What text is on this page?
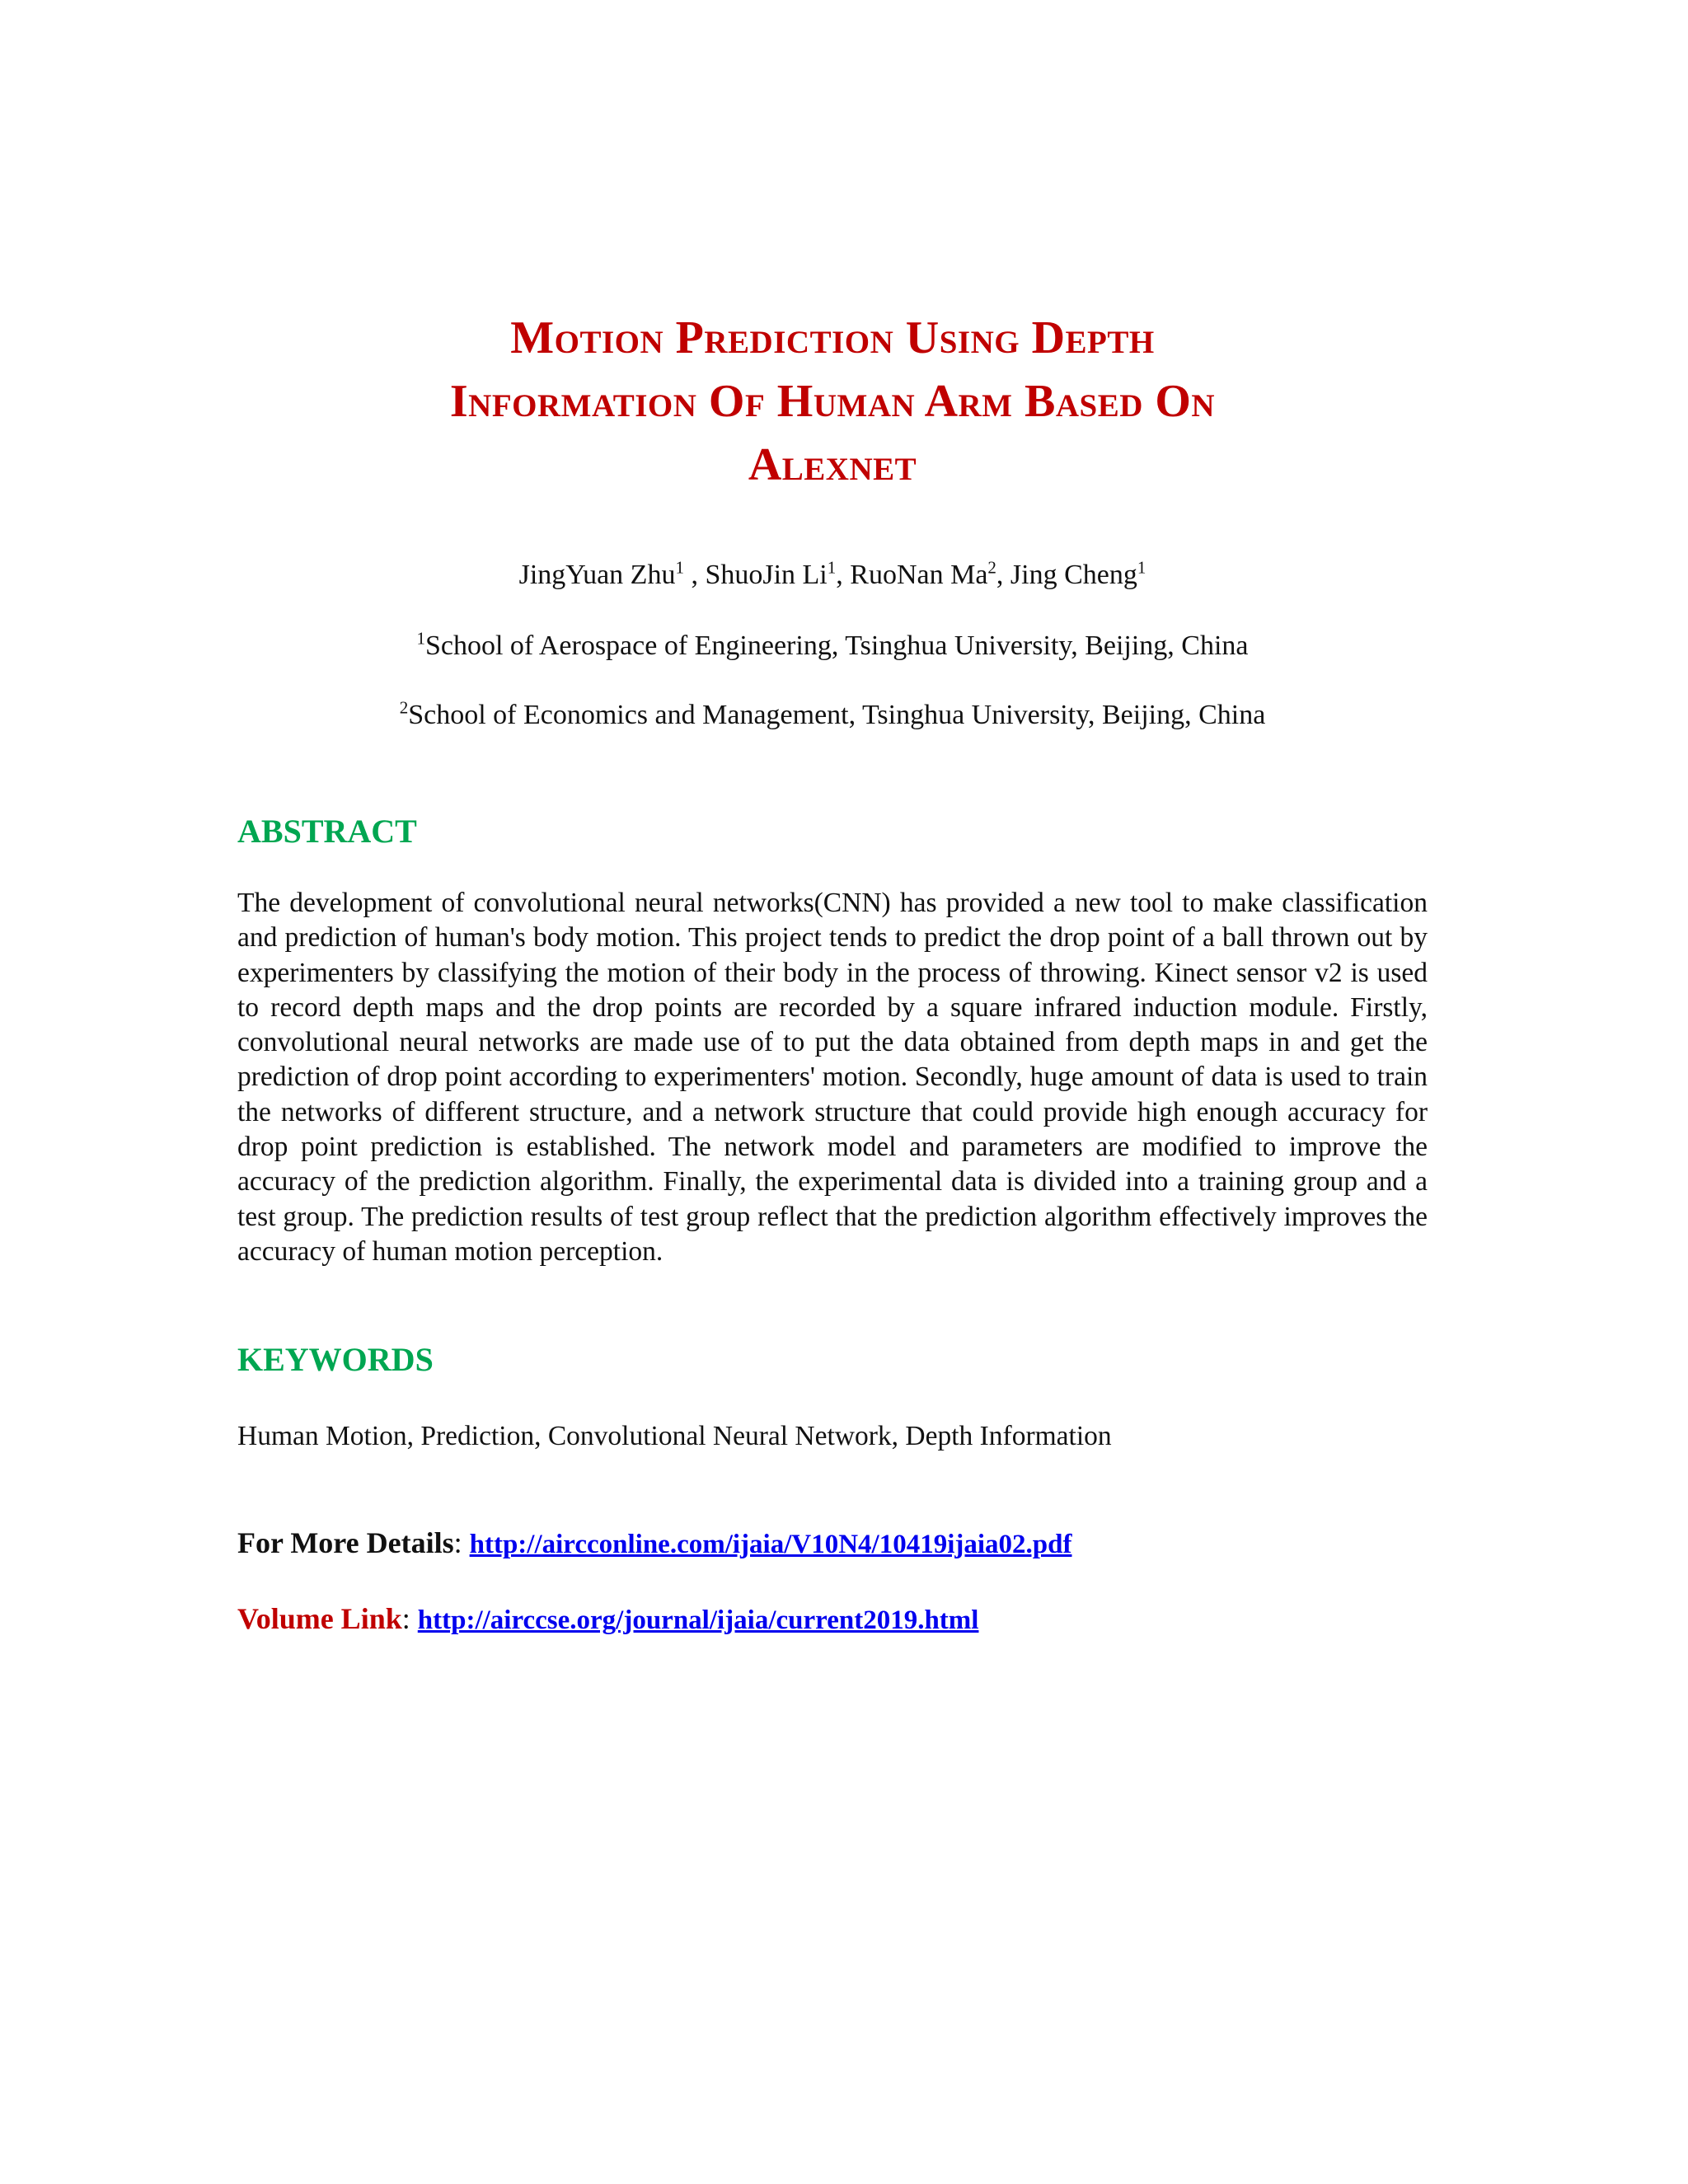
Motion Prediction Using Depth
Information Of Human Arm Based On
Alexnet
JingYuan Zhu$^1$ , ShuoJin Li$^1$, RuoNan Ma$^2$, Jing Cheng$^1$
$^1$School of Aerospace of Engineering, Tsinghua University, Beijing, China
$^2$School of Economics and Management, Tsinghua University, Beijing, China
ABSTRACT
The development of convolutional neural networks(CNN) has provided a new tool to make classification and prediction of human's body motion. This project tends to predict the drop point of a ball thrown out by experimenters by classifying the motion of their body in the process of throwing. Kinect sensor v2 is used to record depth maps and the drop points are recorded by a square infrared induction module. Firstly, convolutional neural networks are made use of to put the data obtained from depth maps in and get the prediction of drop point according to experimenters' motion. Secondly, huge amount of data is used to train the networks of different structure, and a network structure that could provide high enough accuracy for drop point prediction is established. The network model and parameters are modified to improve the accuracy of the prediction algorithm. Finally, the experimental data is divided into a training group and a test group. The prediction results of test group reflect that the prediction algorithm effectively improves the accuracy of human motion perception.
KEYWORDS
Human Motion, Prediction, Convolutional Neural Network, Depth Information
For More Details: http://aircconline.com/ijaia/V10N4/10419ijaia02.pdf
Volume Link: http://airccse.org/journal/ijaia/current2019.html
